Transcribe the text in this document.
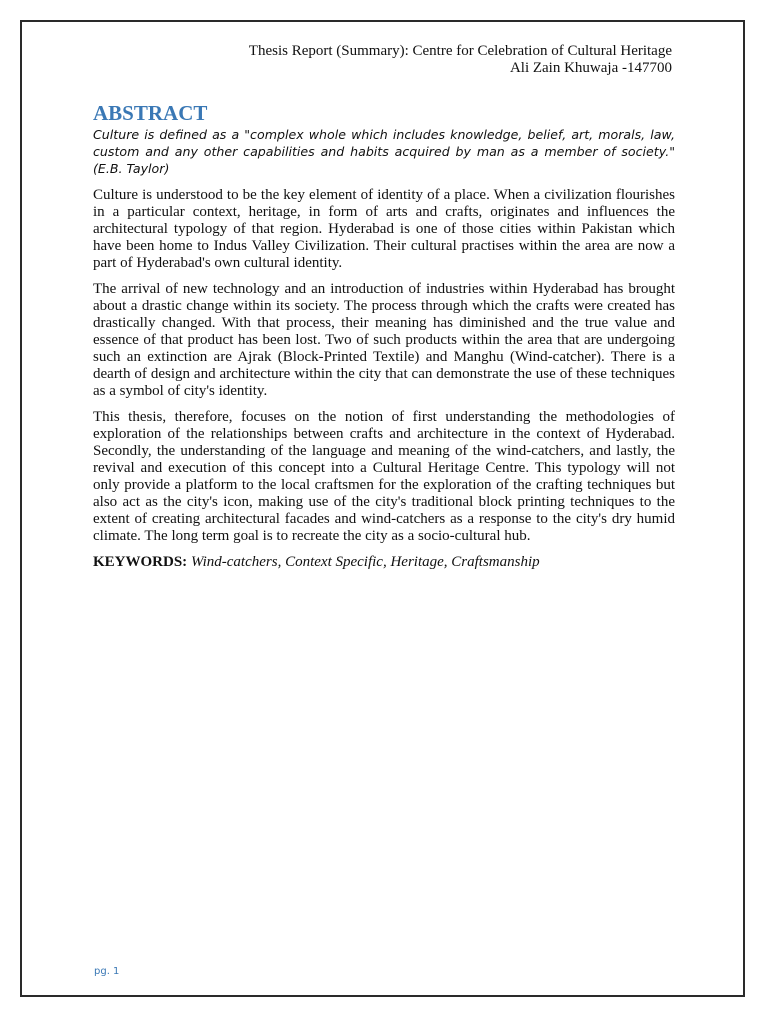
Thesis Report (Summary): Centre for Celebration of Cultural Heritage
Ali Zain Khuwaja -147700
ABSTRACT

Culture is defined as a "complex whole which includes knowledge, belief, art, morals, law, custom and any other capabilities and habits acquired by man as a member of society." (E.B. Taylor)

Culture is understood to be the key element of identity of a place. When a civilization flourishes in a particular context, heritage, in form of arts and crafts, originates and influences the architectural typology of that region. Hyderabad is one of those cities within Pakistan which have been home to Indus Valley Civilization. Their cultural practises within the area are now a part of Hyderabad's own cultural identity.

The arrival of new technology and an introduction of industries within Hyderabad has brought about a drastic change within its society. The process through which the crafts were created has drastically changed. With that process, their meaning has diminished and the true value and essence of that product has been lost. Two of such products within the area that are undergoing such an extinction are Ajrak (Block-Printed Textile) and Manghu (Wind-catcher). There is a dearth of design and architecture within the city that can demonstrate the use of these techniques as a symbol of city's identity.

This thesis, therefore, focuses on the notion of first understanding the methodologies of exploration of the relationships between crafts and architecture in the context of Hyderabad. Secondly, the understanding of the language and meaning of the wind-catchers, and lastly, the revival and execution of this concept into a Cultural Heritage Centre. This typology will not only provide a platform to the local craftsmen for the exploration of the crafting techniques but also act as the city's icon, making use of the city's traditional block printing techniques to the extent of creating architectural facades and wind-catchers as a response to the city's dry humid climate. The long term goal is to recreate the city as a socio-cultural hub.

KEYWORDS: Wind-catchers, Context Specific, Heritage, Craftsmanship

pg. 1
